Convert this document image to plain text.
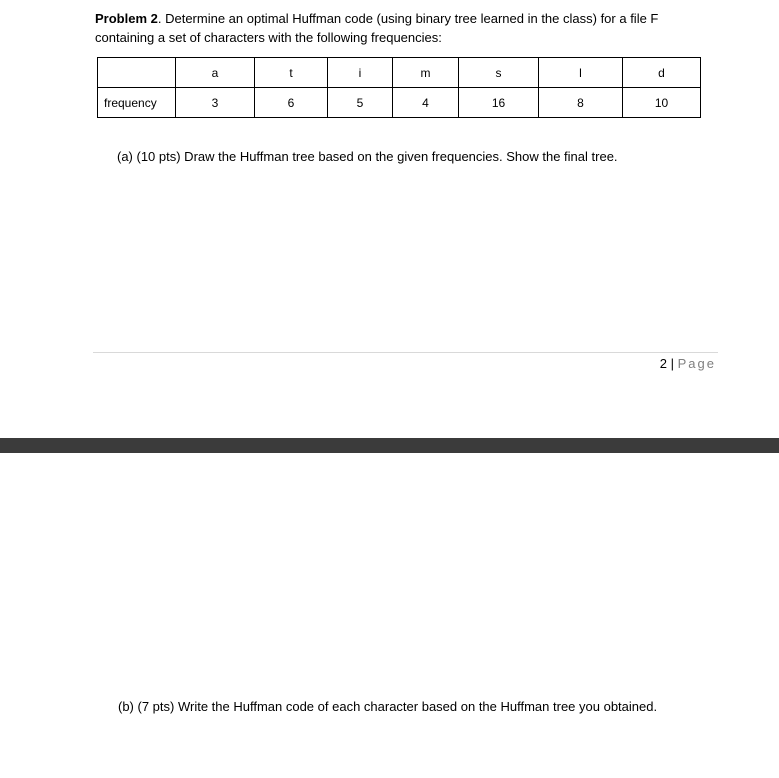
Problem 2. Determine an optimal Huffman code (using binary tree learned in the class) for a file F
containing a set of characters with the following frequencies:
	a	t	i	m	s	l	d
frequency	3	6	5	4	16	8	10
(a) (10 pts) Draw the Huffman tree based on the given frequencies. Show the final tree.
2 | Page
(b) (7 pts) Write the Huffman code of each character based on the Huffman tree you obtained.
